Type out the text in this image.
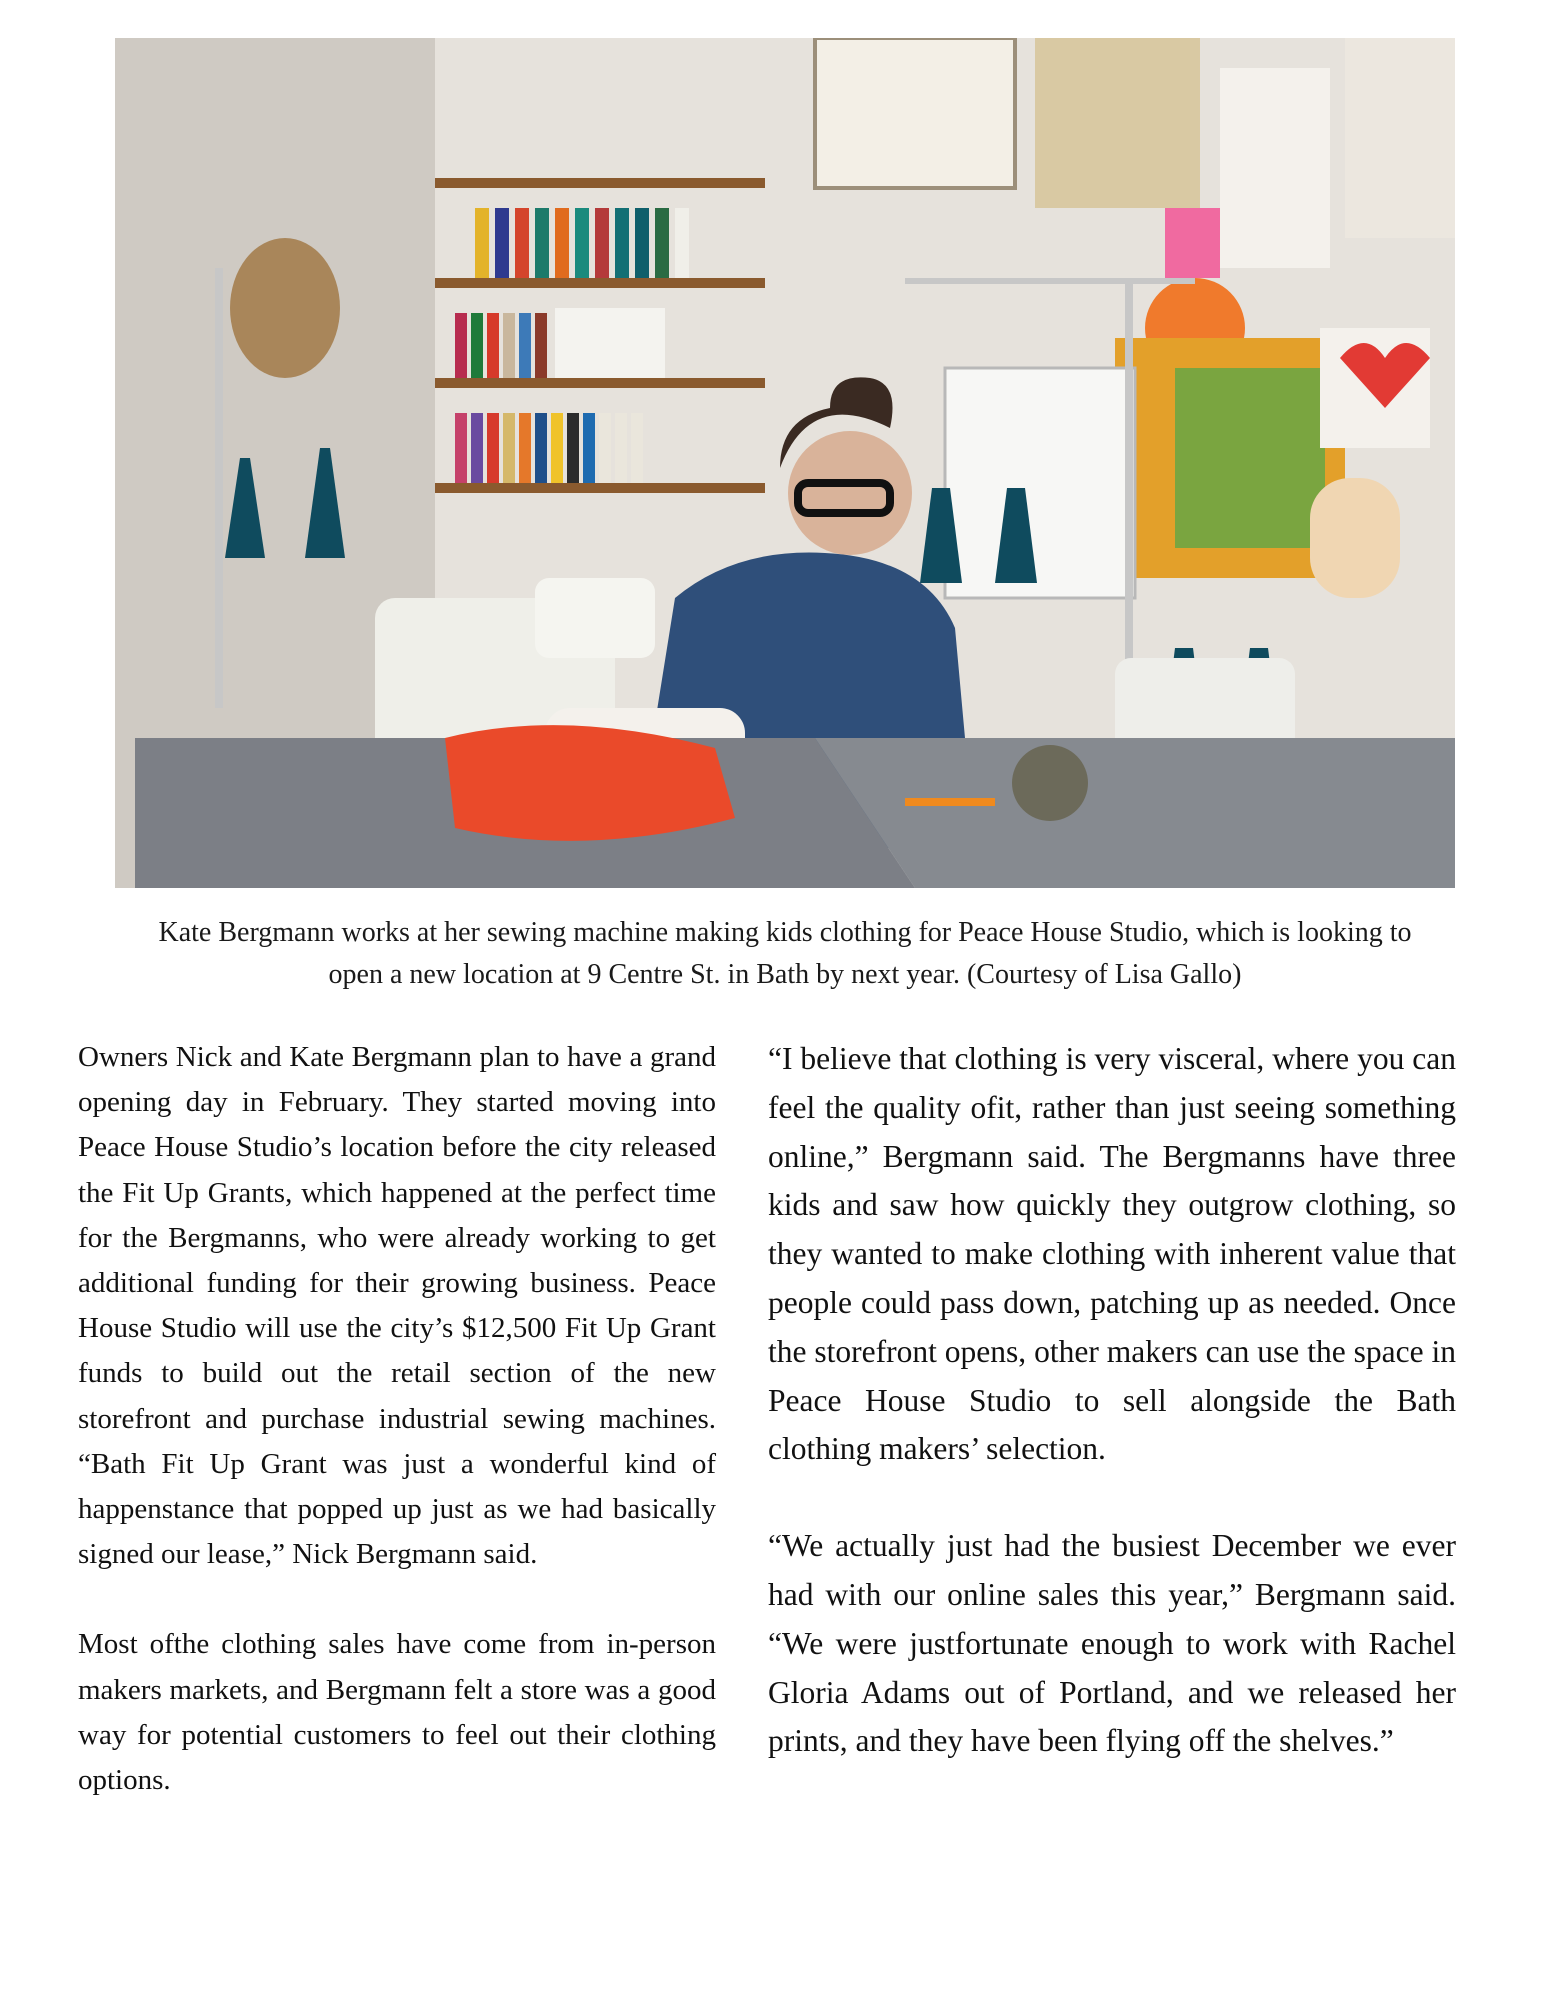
Kate Bergmann works at her sewing machine making kids clothing for Peace House Studio, which is looking to open a new location at 9 Centre St. in Bath by next year. (Courtesy of Lisa Gallo)

Owners Nick and Kate Bergmann plan to have a grand opening day in February. They started moving into Peace House Studio’s location before the city released the Fit Up Grants, which happened at the perfect time for the Bergmanns, who were already working to get additional funding for their growing business. Peace House Studio will use the city’s $12,500 Fit Up Grant funds to build out the retail section of the new storefront and purchase industrial sewing machines. “Bath Fit Up Grant was just a wonderful kind of happenstance that popped up just as we had basically signed our lease,” Nick Bergmann said.

Most ofthe clothing sales have come from in-person makers markets, and Bergmann felt a store was a good way for potential customers to feel out their clothing options.

“I believe that clothing is very visceral, where you can feel the quality ofit, rather than just seeing something online,” Bergmann said. The Bergmanns have three kids and saw how quickly they outgrow clothing, so they wanted to make clothing with inherent value that people could pass down, patching up as needed. Once the storefront opens, other makers can use the space in Peace House Studio to sell alongside the Bath clothing makers’ selection.

“We actually just had the busiest December we ever had with our online sales this year,” Bergmann said. “We were justfortunate enough to work with Rachel Gloria Adams out of Portland, and we released her prints, and they have been flying off the shelves.”
